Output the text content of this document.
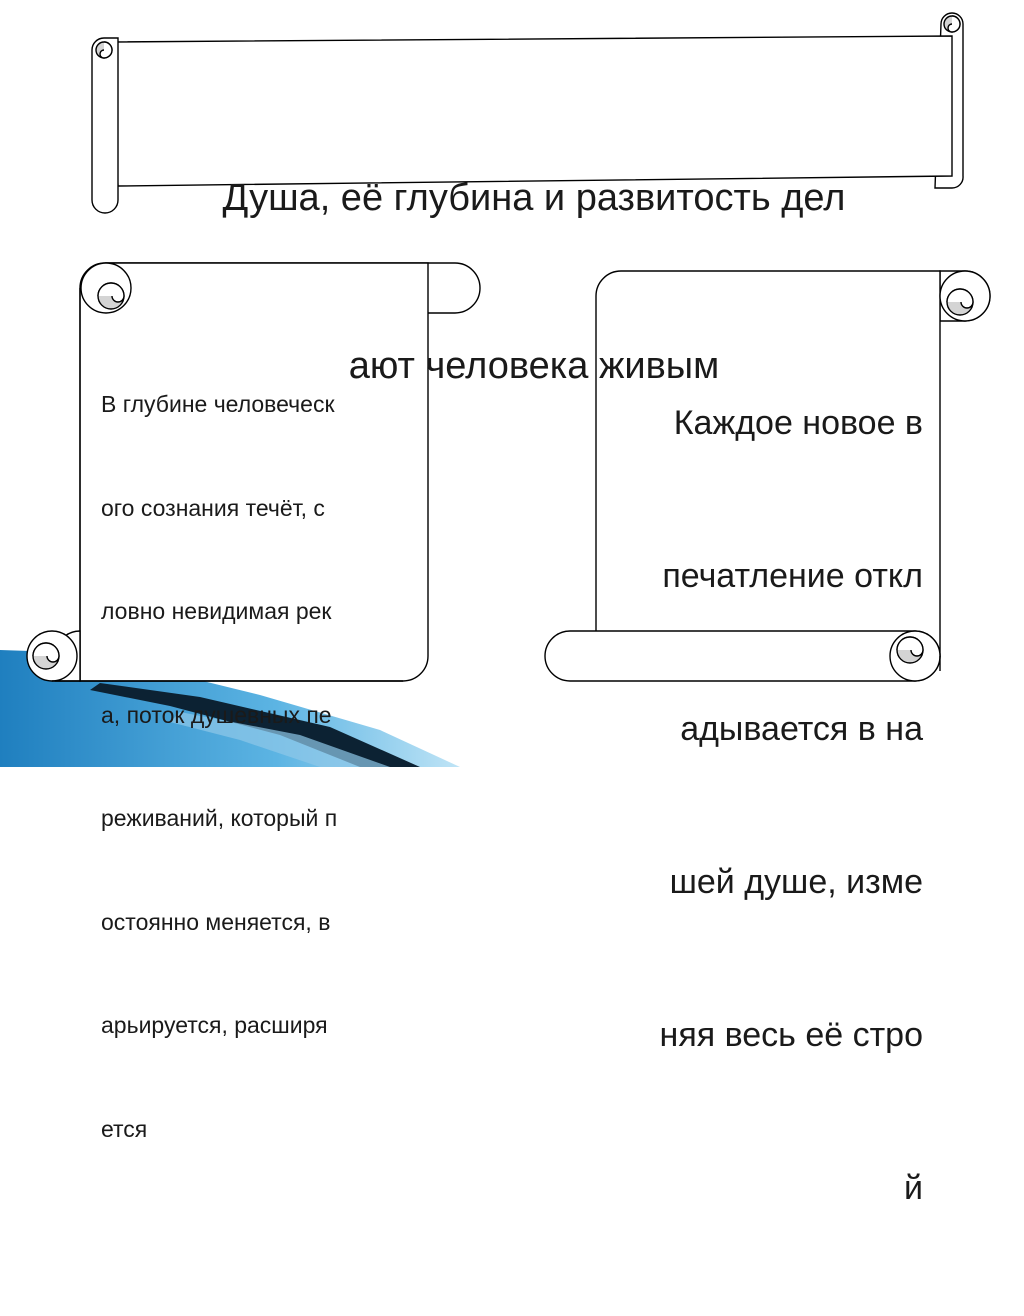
Душа, её глубина и развитость дел

ают человека живым

В глубине человеческ

ого сознания течёт, с

ловно невидимая рек

а, поток душевных пе

реживаний, который п

остоянно меняется, в

арьируется, расширя

ется

Каждое новое в

печатление откл

адывается в на

шей душе, изме

няя весь её стро

й
